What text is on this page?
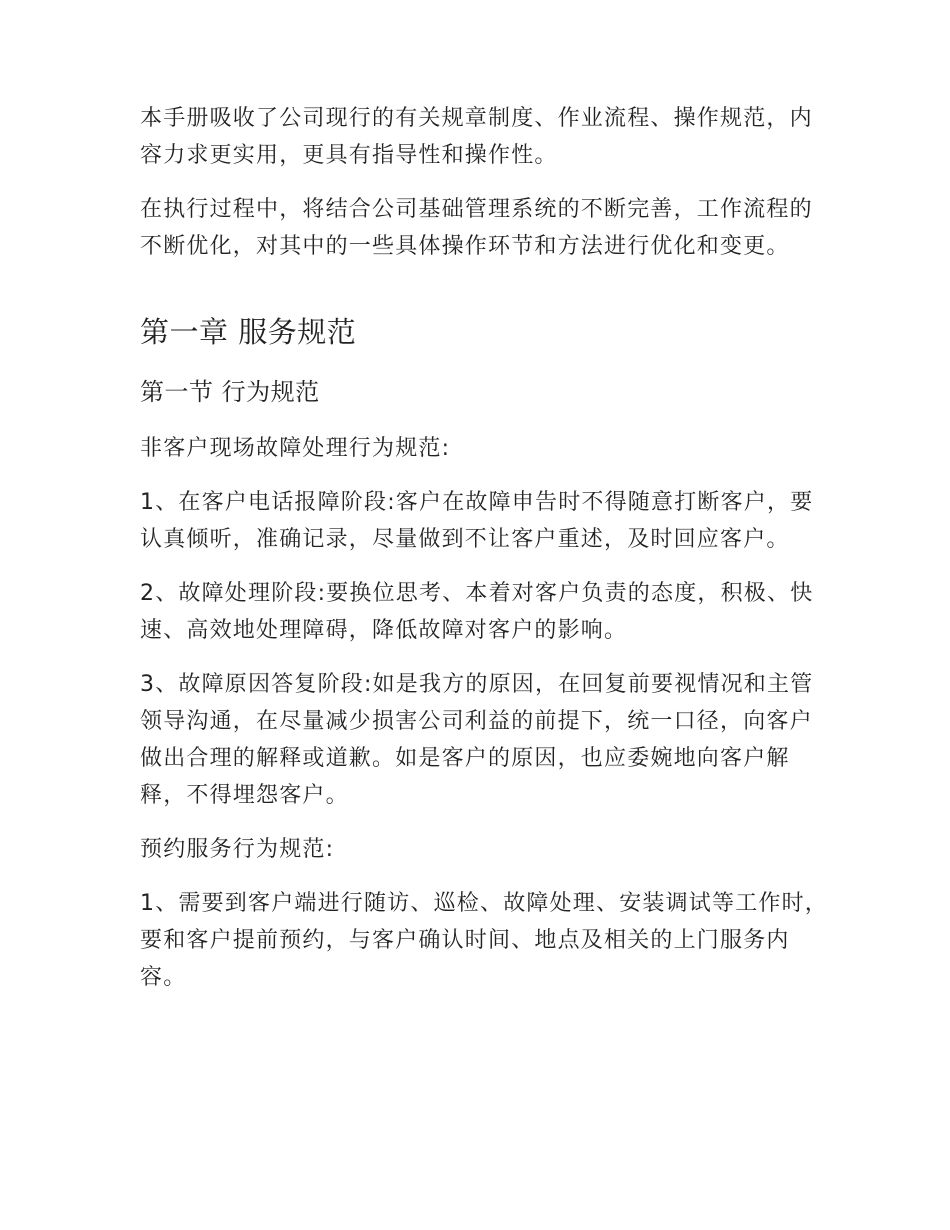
本手册吸收了公司现行的有关规章制度、作业流程、操作规范，内容力求更实用，更具有指导性和操作性。

在执行过程中，将结合公司基础管理系统的不断完善，工作流程的不断优化，对其中的一些具体操作环节和方法进行优化和变更。

第一章 服务规范
第一节 行为规范

非客户现场故障处理行为规范:

1、在客户电话报障阶段:客户在故障申告时不得随意打断客户，要认真倾听，准确记录，尽量做到不让客户重述，及时回应客户。

2、故障处理阶段:要换位思考、本着对客户负责的态度，积极、快速、高效地处理障碍，降低故障对客户的影响。

3、故障原因答复阶段:如是我方的原因，在回复前要视情况和主管领导沟通，在尽量减少损害公司利益的前提下，统一口径，向客户做出合理的解释或道歉。如是客户的原因，也应委婉地向客户解释，不得埋怨客户。

预约服务行为规范:

1、需要到客户端进行随访、巡检、故障处理、安装调试等工作时，要和客户提前预约，与客户确认时间、地点及相关的上门服务内容。
